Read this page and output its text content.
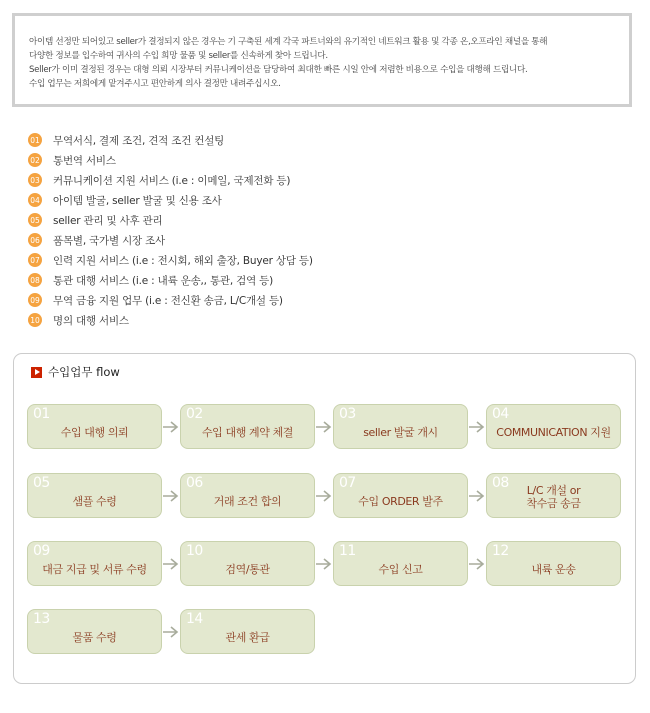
아이템 선정만 되어있고 seller가 결정되지 않은 경우는 기 구축된 세계 각국 파트너와의 유기적인 네트워크 활용 및 각종 온,오프라인 채널을 통해

다양한 정보를 입수하여 귀사의 수입 희망 물품 및 seller를 신속하게 찾아 드립니다.

Seller가 이미 결정된 경우는 대형 의뢰 시장부터 커뮤니케이션을 담당하여 최대한 빠른 시일 안에 저렴한 비용으로 수입을 대행해 드립니다.

수입 업무는 저희에게 맡겨주시고 편안하게 의사 결정만 내려주십시오.

01 무역서식, 결제 조건, 견적 조건 컨설팅
02 통번역 서비스
03 커뮤니케이션 지원 서비스 (i.e : 이메일, 국제전화 등)
04 아이템 발굴, seller 발굴 및 신용 조사
05 seller 관리 및 사후 관리
06 품목별, 국가별 시장 조사
07 인력 지원 서비스 (i.e : 전시회, 해외 출장, Buyer 상담 등)
08 통관 대행 서비스 (i.e : 내륙 운송,, 통관, 검역 등)
09 무역 금융 지원 업무 (i.e : 전신환 송금, L/C개설 등)
10 명의 대행 서비스
수입업무 flow
01
수입 대행 의뢰
02
수입 대행 계약 체결
03
seller 발굴 개시
04
COMMUNICATION 지원
05
샘플 수령
06
거래 조건 합의
07
수입 ORDER 발주
08	L/C 개설 or
착수금 송금
09
대금 지급 및 서류 수령
10
검역/통관
11
수입 신고
12
내륙 운송
13
물품 수령
14
관세 환급
